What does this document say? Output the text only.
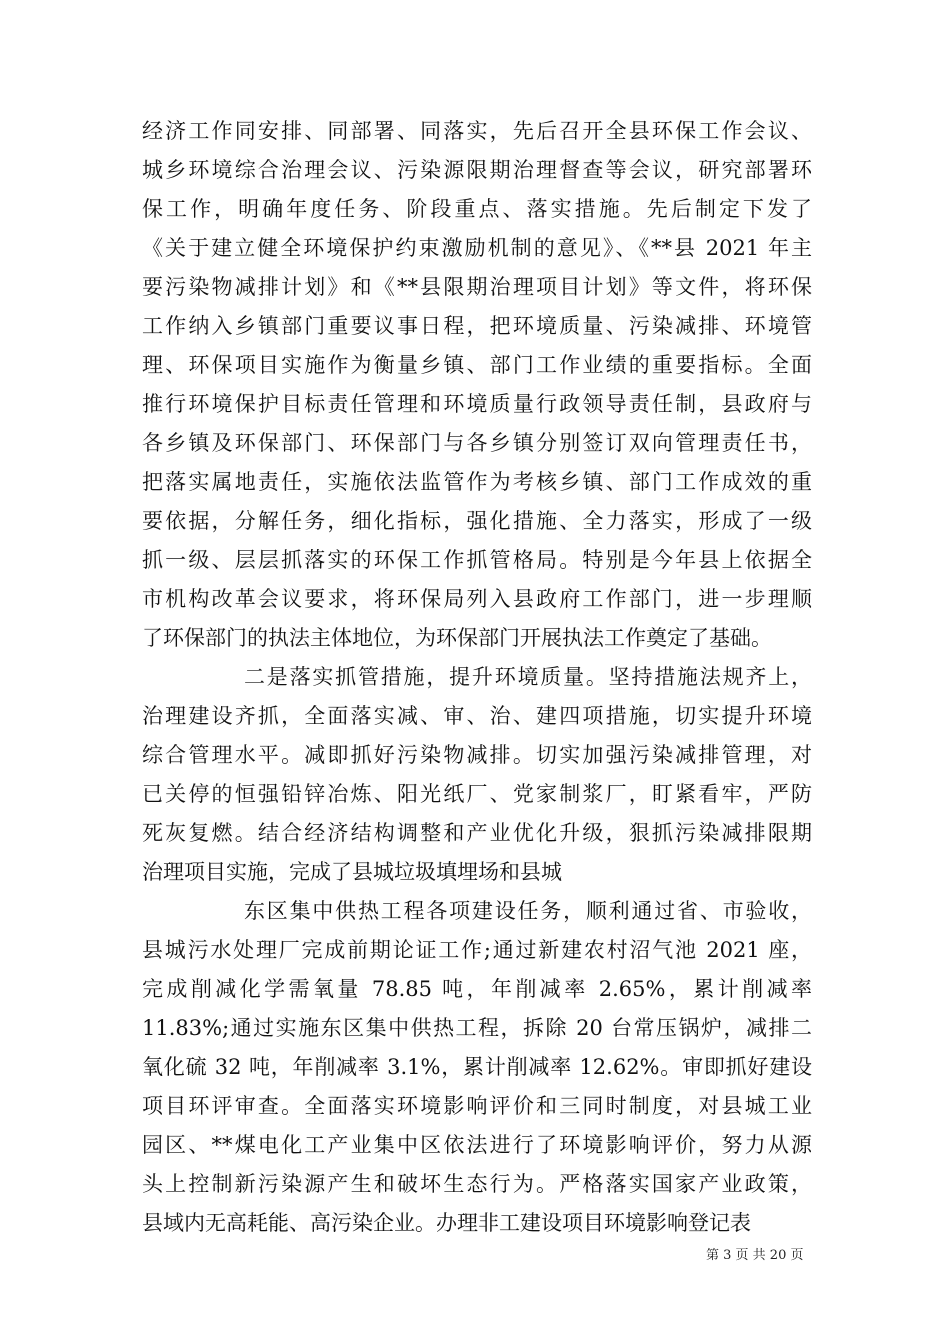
经济工作同安排、同部署、同落实，先后召开全县环保工作会议、
城乡环境综合治理会议、污染源限期治理督查等会议，研究部署环
保工作，明确年度任务、阶段重点、落实措施。先后制定下发了
《关于建立健全环境保护约束激励机制的意见》、《**县 2021 年主
要污染物减排计划》和《**县限期治理项目计划》等文件，将环保
工作纳入乡镇部门重要议事日程，把环境质量、污染减排、环境管
理、环保项目实施作为衡量乡镇、部门工作业绩的重要指标。全面
推行环境保护目标责任管理和环境质量行政领导责任制，县政府与
各乡镇及环保部门、环保部门与各乡镇分别签订双向管理责任书，
把落实属地责任，实施依法监管作为考核乡镇、部门工作成效的重
要依据，分解任务，细化指标，强化措施、全力落实，形成了一级
抓一级、层层抓落实的环保工作抓管格局。特别是今年县上依据全
市机构改革会议要求，将环保局列入县政府工作部门，进一步理顺
了环保部门的执法主体地位，为环保部门开展执法工作奠定了基础。
二是落实抓管措施，提升环境质量。坚持措施法规齐上，
治理建设齐抓，全面落实减、审、治、建四项措施，切实提升环境
综合管理水平。减即抓好污染物减排。切实加强污染减排管理，对
已关停的恒强铅锌冶炼、阳光纸厂、党家制浆厂，盯紧看牢，严防
死灰复燃。结合经济结构调整和产业优化升级，狠抓污染减排限期
治理项目实施，完成了县城垃圾填埋场和县城
东区集中供热工程各项建设任务，顺利通过省、市验收，
县城污水处理厂完成前期论证工作;通过新建农村沼气池 2021 座，
完成削减化学需氧量 78.85 吨，年削减率 2.65%，累计削减率
11.83%;通过实施东区集中供热工程，拆除 20 台常压锅炉，减排二
氧化硫 32 吨，年削减率 3.1%，累计削减率 12.62%。审即抓好建设
项目环评审查。全面落实环境影响评价和三同时制度，对县城工业
园区、**煤电化工产业集中区依法进行了环境影响评价，努力从源
头上控制新污染源产生和破坏生态行为。严格落实国家产业政策，
县域内无高耗能、高污染企业。办理非工建设项目环境影响登记表
第 3 页 共 20 页
